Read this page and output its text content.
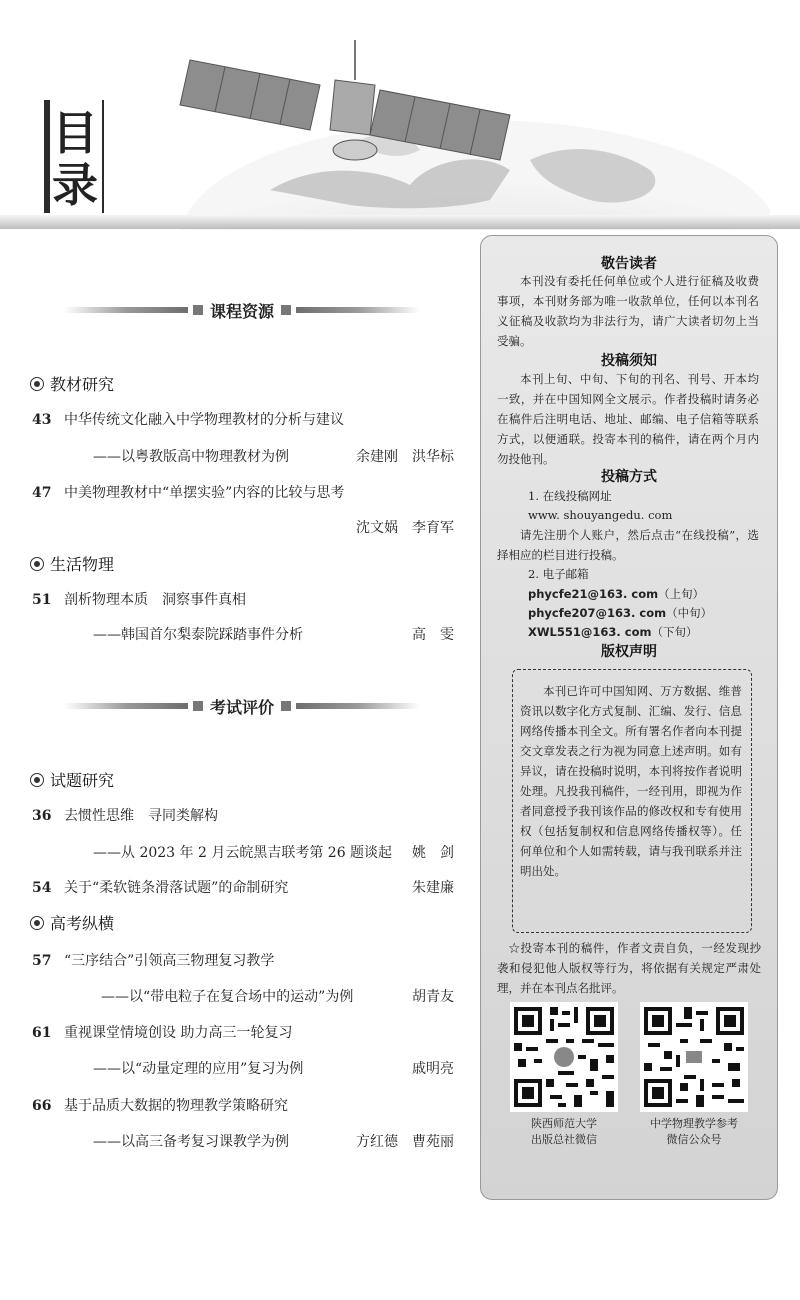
目
录
课程资源
教材研究
43 中华传统文化融入中学物理教材的分析与建议
——以粤教版高中物理教材为例	余建刚　洪华标
47 中美物理教材中“单摆实验”内容的比较与思考
沈文娲　李育军
生活物理
51 剖析物理本质　洞察事件真相
——韩国首尔梨泰院踩踏事件分析	高　雯
考试评价
试题研究
36 去惯性思维　寻同类解构
——从 2023 年 2 月云皖黑吉联考第 26 题谈起	姚　剑
54 关于“柔软链条滑落试题”的命制研究	朱建廉
高考纵横
57 “三序结合”引领高三物理复习教学
——以“带电粒子在复合场中的运动”为例	胡青友
61 重视课堂情境创设 助力高三一轮复习
——以“动量定理的应用”复习为例	戚明亮
66 基于品质大数据的物理教学策略研究
——以高三备考复习课教学为例	方红德　曹苑丽
敬告读者
本刊没有委托任何单位或个人进行征稿及收费事项，本刊财务部为唯一收款单位，任何以本刊名义征稿及收款均为非法行为，请广大读者切勿上当受骗。
投稿须知
本刊上旬、中旬、下旬的刊名、刊号、开本均一致，并在中国知网全文展示。作者投稿时请务必在稿件后注明电话、地址、邮编、电子信箱等联系方式，以便通联。投寄本刊的稿件，请在两个月内勿投他刊。
投稿方式
1. 在线投稿网址
www. shouyangedu. com
请先注册个人账户，然后点击“在线投稿”，选择相应的栏目进行投稿。
2. 电子邮箱
phycfe21@163. com（上旬）
phycfe207@163. com（中旬）
XWL551@163. com（下旬）
版权声明
本刊已许可中国知网、万方数据、维普资讯以数字化方式复制、汇编、发行、信息网络传播本刊全文。所有署名作者向本刊提交文章发表之行为视为同意上述声明。如有异议，请在投稿时说明，本刊将按作者说明处理。凡投我刊稿件，一经刊用，即视为作者同意授予我刊该作品的修改权和专有使用权（包括复制权和信息网络传播权等）。任何单位和个人如需转载，请与我刊联系并注明出处。
☆投寄本刊的稿件，作者文责自负，一经发现抄袭和侵犯他人版权等行为，将依据有关规定严肃处理，并在本刊点名批评。
陕西师范大学
出版总社微信
中学物理教学参考
微信公众号
